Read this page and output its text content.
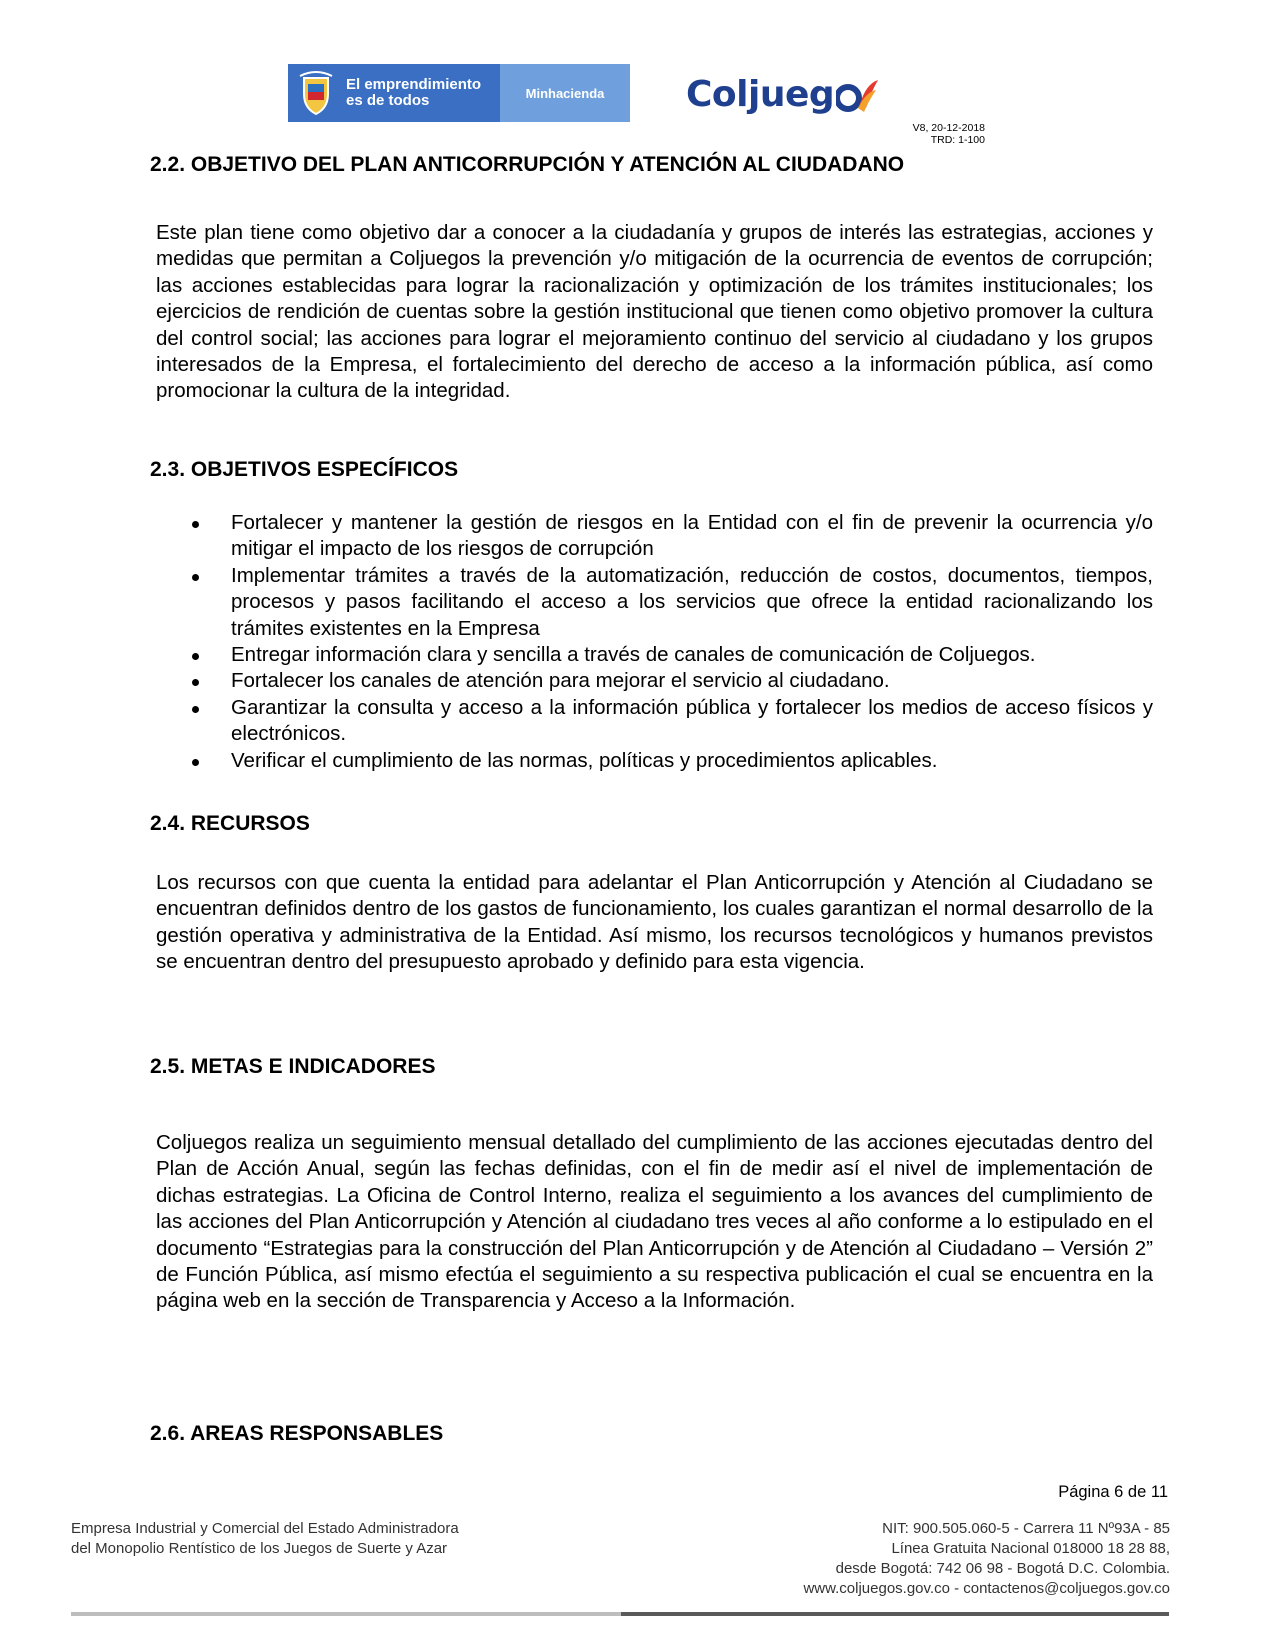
El emprendimiento
es de todos	Minhacienda Coljueg
V8, 20-12-2018
TRD: 1-100
2.2. OBJETIVO DEL PLAN ANTICORRUPCIÓN Y ATENCIÓN AL CIUDADANO
Este plan tiene como objetivo dar a conocer a la ciudadanía y grupos de interés las estrategias, acciones y medidas que permitan a Coljuegos la prevención y/o mitigación de la ocurrencia de eventos de corrupción; las acciones establecidas para lograr la racionalización y optimización de los trámites institucionales; los ejercicios de rendición de cuentas sobre la gestión institucional que tienen como objetivo promover la cultura del control social; las acciones para lograr el mejoramiento continuo del servicio al ciudadano y los grupos interesados de la Empresa, el fortalecimiento del derecho de acceso a la información pública, así como promocionar la cultura de la integridad.
2.3. OBJETIVOS ESPECÍFICOS
Fortalecer y mantener la gestión de riesgos en la Entidad con el fin de prevenir la ocurrencia y/o mitigar el impacto de los riesgos de corrupción
Implementar trámites a través de la automatización, reducción de costos, documentos, tiempos, procesos y pasos facilitando el acceso a los servicios que ofrece la entidad racionalizando los trámites existentes en la Empresa
Entregar información clara y sencilla a través de canales de comunicación de Coljuegos.
Fortalecer los canales de atención para mejorar el servicio al ciudadano.
Garantizar la consulta y acceso a la información pública y fortalecer los medios de acceso físicos y electrónicos.
Verificar el cumplimiento de las normas, políticas y procedimientos aplicables.
2.4. RECURSOS
Los recursos con que cuenta la entidad para adelantar el Plan Anticorrupción y Atención al Ciudadano se encuentran definidos dentro de los gastos de funcionamiento, los cuales garantizan el normal desarrollo de la gestión operativa y administrativa de la Entidad. Así mismo, los recursos tecnológicos y humanos previstos se encuentran dentro del presupuesto aprobado y definido para esta vigencia.
2.5. METAS E INDICADORES
Coljuegos realiza un seguimiento mensual detallado del cumplimiento de las acciones ejecutadas dentro del Plan de Acción Anual, según las fechas definidas, con el fin de medir así el nivel de implementación de dichas estrategias. La Oficina de Control Interno, realiza el seguimiento a los avances del cumplimiento de las acciones del Plan Anticorrupción y Atención al ciudadano tres veces al año conforme a lo estipulado en el documento “Estrategias para la construcción del Plan Anticorrupción y de Atención al Ciudadano – Versión 2” de Función Pública, así mismo efectúa el seguimiento a su respectiva publicación el cual se encuentra en la página web en la sección de Transparencia y Acceso a la Información.
2.6. AREAS RESPONSABLES
Página 6 de 11
Empresa Industrial y Comercial del Estado Administradora
del Monopolio Rentístico de los Juegos de Suerte y Azar
NIT: 900.505.060-5 - Carrera 11 Nº93A - 85
Línea Gratuita Nacional 018000 18 28 88,
desde Bogotá: 742 06 98 - Bogotá D.C. Colombia.
www.coljuegos.gov.co - contactenos@coljuegos.gov.co
